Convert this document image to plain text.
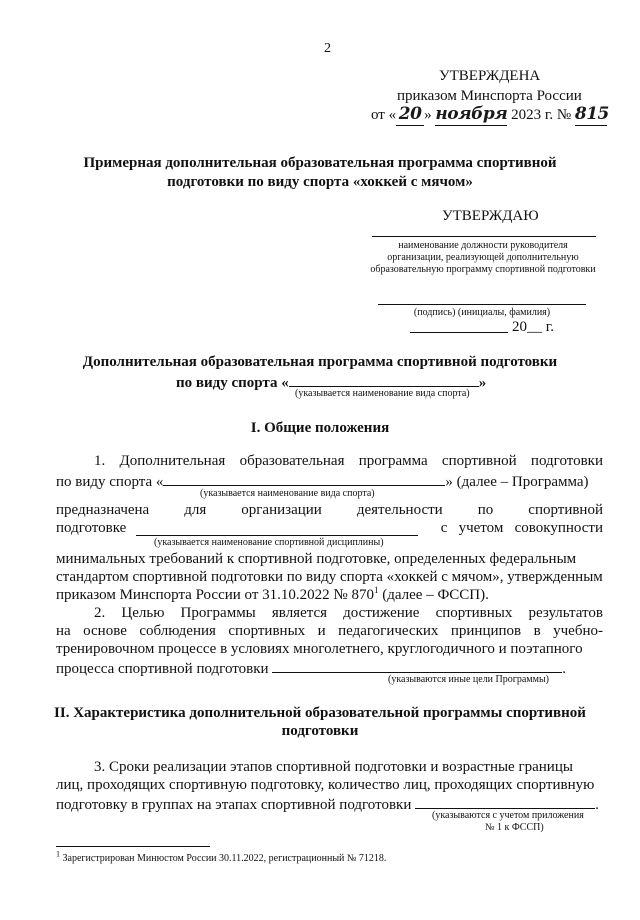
2
УТВЕРЖДЕНА
приказом Минспорта России
от « 20 » ноября 2023 г. № 815
Примерная дополнительная образовательная программа спортивной
подготовки по виду спорта «хоккей с мячом»
УТВЕРЖДАЮ
наименование должности руководителя
организации, реализующей дополнительную
образовательную программу спортивной подготовки
(подпись) (инициалы, фамилия)
20__ г.
Дополнительная образовательная программа спортивной подготовки
по виду спорта «	»
(указывается наименование вида спорта)
I. Общие положения
1.   Дополнительная   образовательная   программа   спортивной   подготовки
по виду спорта «	» (далее – Программа)
(указывается наименование вида спорта)
предназначена  для  организации  деятельности  по  спортивной
подготовке	с   учетом   совокупности
(указывается наименование спортивной дисциплины)
минимальных требований к спортивной подготовке, определенных федеральным
стандартом спортивной подготовки по виду спорта «хоккей с мячом», утвержденным
приказом Минспорта России от 31.10.2022 № $870^1$ (далее – ФССП).
2.   Целью   Программы   является   достижение   спортивных   результатов
на  основе  соблюдения  спортивных  и  педагогических  принципов  в  учебно-
тренировочном процессе в условиях многолетнего, круглогодичного и поэтапного
процесса спортивной подготовки	.
(указываются иные цели Программы)
II. Характеристика дополнительной образовательной программы спортивной
подготовки
3. Сроки реализации этапов спортивной подготовки и возрастные границы
лиц, проходящих спортивную подготовку, количество лиц, проходящих спортивную
подготовку в группах на этапах спортивной подготовки	.
(указываются с учетом приложения
№ 1 к ФССП)
$^1$ Зарегистрирован Минюстом России 30.11.2022, регистрационный № 71218.
